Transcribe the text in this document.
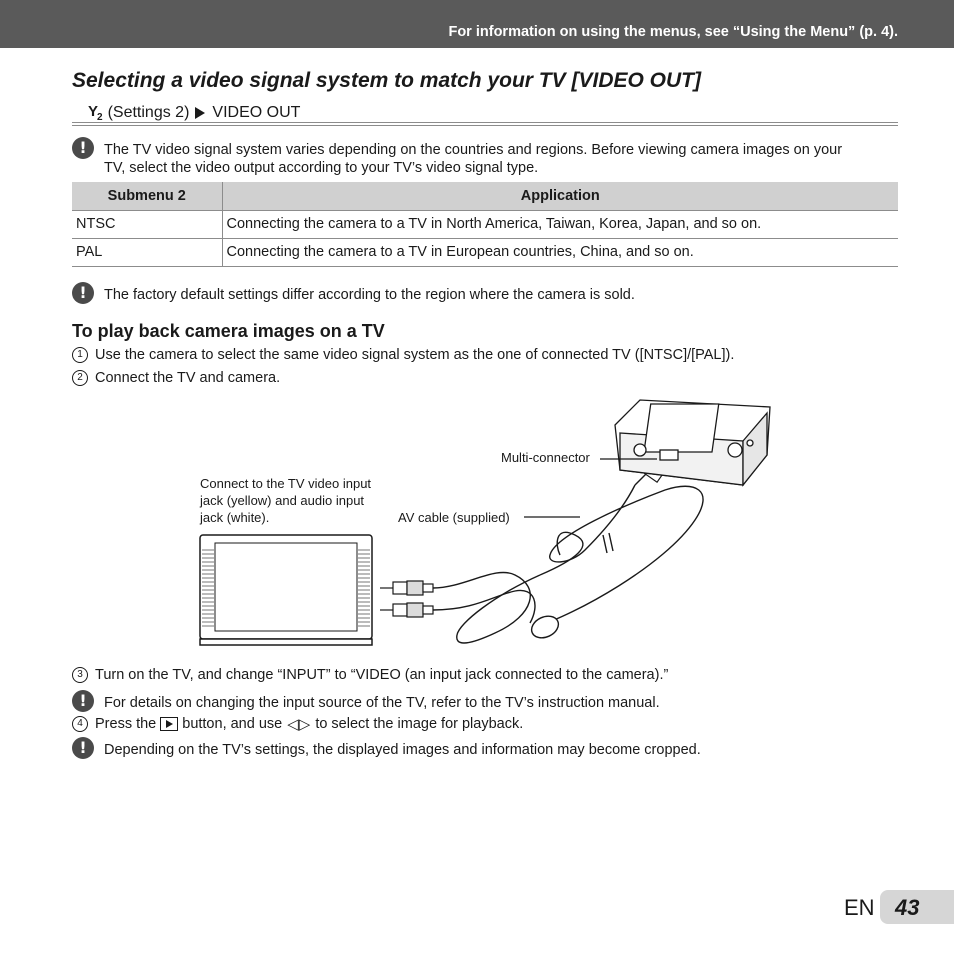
For information on using the menus, see “Using the Menu” (p. 4).
Selecting a video signal system to match your TV [VIDEO OUT]
$Y_2$ (Settings 2) VIDEO OUT
!	The TV video signal system varies depending on the countries and regions. Before viewing camera images on your
TV, select the video output according to your TV’s video signal type.
Submenu 2	Application
NTSC	Connecting the camera to a TV in North America, Taiwan, Korea, Japan, and so on.
PAL	Connecting the camera to a TV in European countries, China, and so on.
!	The factory default settings differ according to the region where the camera is sold.
To play back camera images on a TV
1 Use the camera to select the same video signal system as the one of connected TV ([NTSC]/[PAL]).
2 Connect the TV and camera.
Multi-connector
Connect to the TV video input
jack (yellow) and audio input
jack (white).	AV cable (supplied)
3 Turn on the TV, and change “INPUT” to “VIDEO (an input jack connected to the camera).”
!	For details on changing the input source of the TV, refer to the TV’s instruction manual.
4 Press the button, and use ◁▷ to select the image for playback.
!	Depending on the TV’s settings, the displayed images and information may become cropped.
EN 43
